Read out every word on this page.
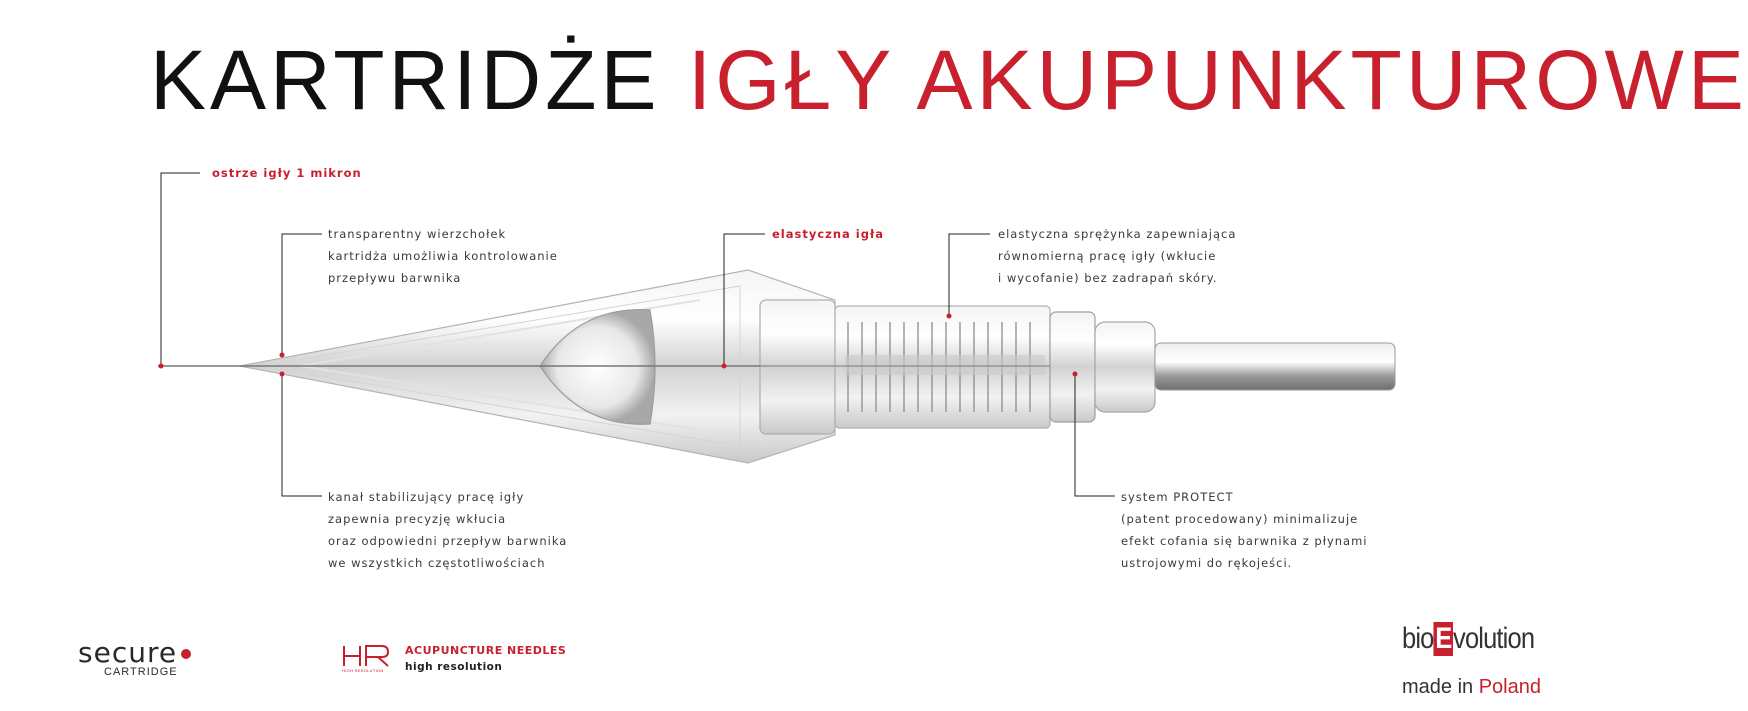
KARTRIDŻE IGŁY AKUPUNKTUROWE
ostrze igły 1 mikron
transparentny wierzchołek
kartridża umożliwia kontrolowanie
przepływu barwnika
elastyczna igła	elastyczna sprężynka zapewniająca
równomierną pracę igły (wkłucie
i wycofanie) bez zadrapań skóry.
kanał stabilizujący pracę igły
zapewnia precyzję wkłucia
oraz odpowiedni przepływ barwnika
we wszystkich częstotliwościach
system PROTECT
(patent procedowany) minimalizuje
efekt cofania się barwnika z płynami
ustrojowymi do rękojeści.
secure
CARTRIDGE	HIGH RESOLUTION
ACUPUNCTURE NEEDLES
high resolution
bioEvolution
made in Poland
